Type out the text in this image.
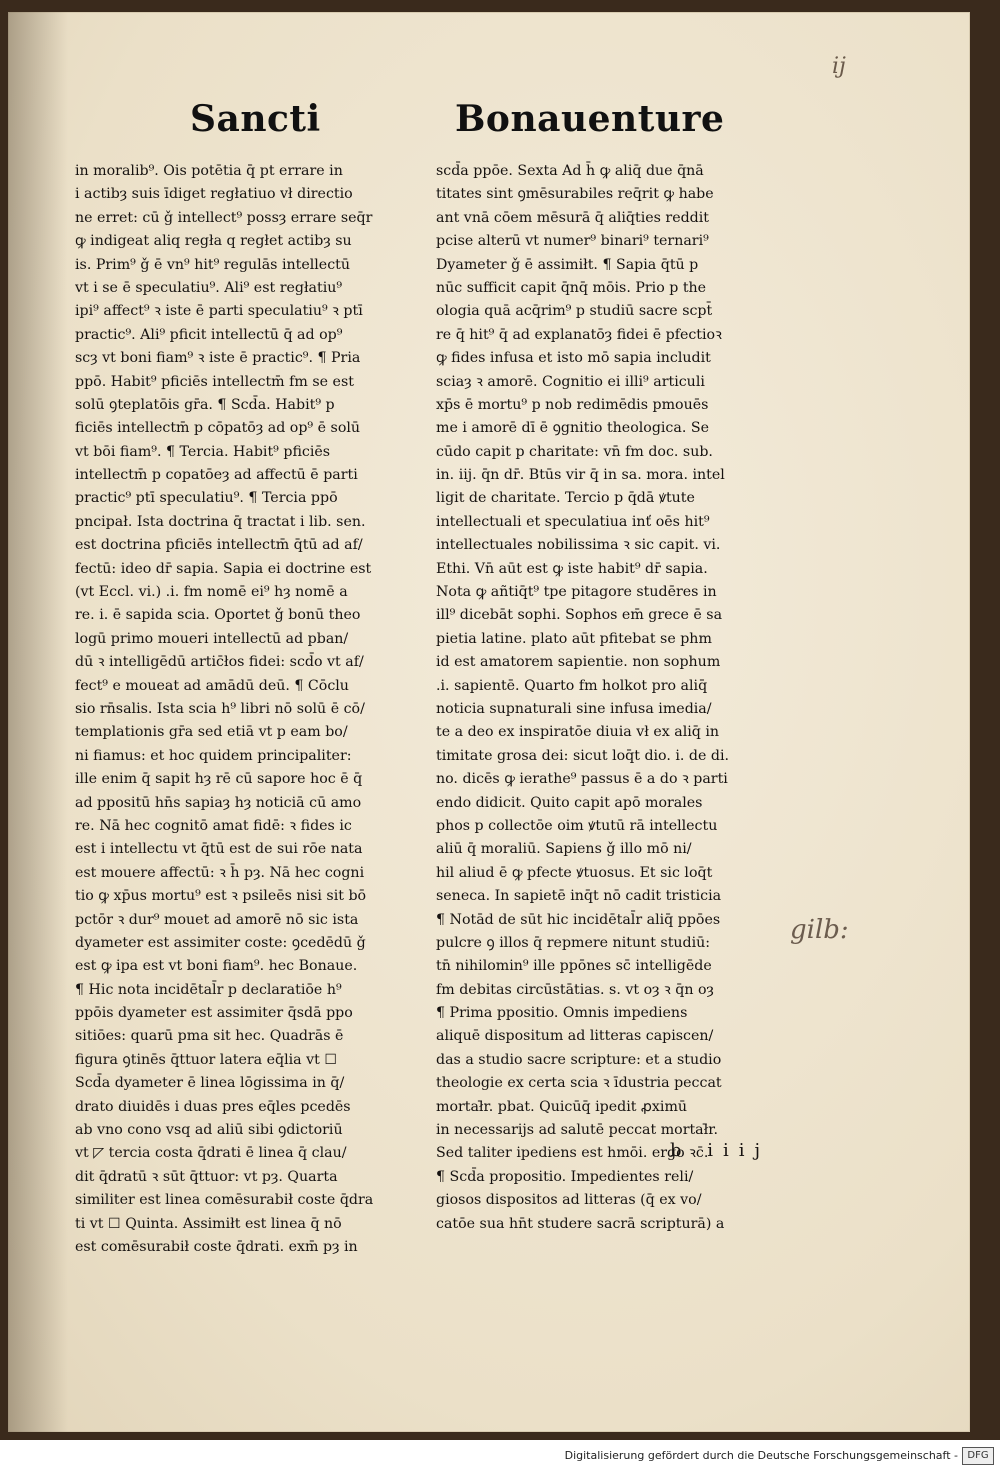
ij
Sancti	Bonauenture
in moralib⁹. Ois potētia q̄ pt errare in
i actibȝ suis īdiget regłatiuo vł directio
ne erret: cū ǧ intellect⁹ possȝ errare seq̄r
ꝙ indigeat aliq regła q regłet actibȝ su
is. Prim⁹ ǧ ē vn⁹ hit⁹ regulās intellectū
vt i se ē speculatiu⁹. Ali⁹ est regłatiu⁹
ipi⁹ affect⁹ ꝛ iste ē parti speculatiu⁹ ꝛ ptī
practic⁹. Ali⁹ pficit intellectū q̄ ad op⁹
scȝ vt boni fiam⁹ ꝛ iste ē practic⁹. ¶ Pria
ppō. Habit⁹ pficiēs intellectm̄ fm se est
solū ꝯteplatōis gr̄a. ¶ Scd̄a. Habit⁹ p
ficiēs intellectm̄ p cōpatōȝ ad op⁹ ē solū
vt bōi fiam⁹. ¶ Tercia. Habit⁹ pficiēs
intellectm̄ p copatōeȝ ad affectū ē parti
practic⁹ ptī speculatiu⁹. ¶ Tercia ppō
pncipał. Ista doctrina q̄ tractat i lib. sen.
est doctrina pficiēs intellectm̄ q̄tū ad af/
fectū: ideo dr̄ sapia. Sapia ei doctrine est
(vt Eccl. vi.) .i. fm nomē ei⁹ hȝ nomē a
re. i. ē sapida scia. Oportet ǧ bonū theo
logū primo moueri intellectū ad pban/
dū ꝛ intelligēdū artic̄łos fidei: scd̄o vt af/
fect⁹ e moueat ad amādū deū. ¶ Cōclu
sio rn̄salis. Ista scia h⁹ libri nō solū ē cō/
templationis gr̄a sed etiā vt p eam bo/
ni fiamus: et hoc quidem principaliter:
ille enim q̄ sapit hȝ rē cū sapore hoc ē q̄
ad ppositū hn̄s sapiaȝ hȝ noticiā cū amo
re. Nā hec cognitō amat fidē: ꝛ fides ic
est i intellectu vt q̄tū est de sui rōe nata
est mouere affectū: ꝛ h̄ pȝ. Nā hec cogni
tio ꝙ xp̄us mortu⁹ est ꝛ psileēs nisi sit bō
pctōr ꝛ dur⁹ mouet ad amorē nō sic ista
dyameter est assimiter coste: ꝯcedēdū ǧ
est ꝙ ipa est vt boni fiam⁹. hec Bonaue.
¶ Hic nota incidētal̄r p declaratiōe h⁹
ppōis dyameter est assimiter q̄sdā ppo
sitiōes: quarū pma sit hec. Quadrās ē
figura ꝯtinēs q̄ttuor latera eq̄lia vt ☐
Scd̄a dyameter ē linea lōgissima in q̄/
drato diuidēs i duas pres eq̄les pcedēs
ab vno cono vsq ad aliū sibi ꝯdictoriū
vt ◸ tercia costa q̄drati ē linea q̄ clau/
dit q̄dratū ꝛ sūt q̄ttuor: vt pȝ. Quarta
similiter est linea comēsurabił coste q̄dra
ti vt ☐ Quinta. Assimiłt est linea q̄ nō
est comēsurabił coste q̄drati. exm̄ pȝ in
scd̄a ppōe. Sexta Ad h̄ ꝙ aliq̄ due q̄nā
titates sint ꝯmēsurabiles req̄rit ꝙ habe
ant vnā cōem mēsurā q̄ aliq̄ties reddit
pcise alterū vt numer⁹ binari⁹ ternari⁹
Dyameter ǧ ē assimiłt. ¶ Sapia q̄tū p
nūc sufficit capit q̄nq̄ mōis. Prio p the
ologia quā acq̄rim⁹ p studiū sacre scpt̄
re q̄ hit⁹ q̄ ad explanatōȝ fidei ē pfectioꝛ
ꝙ fides infusa et isto mō sapia includit
sciaȝ ꝛ amorē. Cognitio ei illi⁹ articuli
xp̄s ē mortu⁹ p nob redimēdis pmouēs
me i amorē dī ē ꝯgnitio theologica. Se
cūdo capit p charitate: vn̄ fm doc. sub.
in. iij. q̄n dr̄. Btūs vir q̄ in sa. mora. intel
ligit de charitate. Tercio p q̄dā ꝟtute
intellectuali et speculatiua inť oēs hit⁹
intellectuales nobilissima ꝛ sic capit. vi.
Ethi. Vn̄ aūt est ꝙ iste habit⁹ dr̄ sapia.
Nota ꝙ añtiq̄t⁹ tpe pitagore studēres in
ill⁹ dicebāt sophi. Sophos em̄ grece ē sa
pietia latine. plato aūt pfitebat se phm
id est amatorem sapientie. non sophum
.i. sapientē. Quarto fm holkot pro aliq̄
noticia supnaturali sine infusa imedia/
te a deo ex inspiratōe diuia vł ex aliq̄ in
timitate grosa dei: sicut loq̄t dio. i. de di.
no. dicēs ꝙ ierathe⁹ passus ē a do ꝛ parti
endo didicit. Quito capit apō morales
phos p collectōe oim ꝟtutū rā intellectu
aliū q̄ moraliū. Sapiens ǧ illo mō ni/
hil aliud ē ꝙ pfecte ꝟtuosus. Et sic loq̄t
seneca. In sapietē inq̄t nō cadit tristicia
¶ Notād de sūt hic incidētal̄r aliq̄ ppōes
pulcre ꝯ illos q̄ repmere nitunt studiū:
tn̄ nihilomin⁹ ille ppōnes sc̄ intelligēde
fm debitas circūstātias. s. vt oȝ ꝛ q̄n oȝ
¶ Prima ppositio. Omnis impediens
aliquē dispositum ad litteras capiscen/
das a studio sacre scripture: et a studio
theologie ex certa scia ꝛ īdustria peccat
mortał̄r. pbat. Quicūq̄ ipedit ꝓximū
in necessarijs ad salutē peccat mortał̄r.
Sed taliter ipediens est hmōi. ergo ꝛc̄.
¶ Scd̄a propositio. Impedientes reli/
giosos dispositos ad litteras (q̄ ex vo/
catōe sua hn̄t studere sacrā scripturā) a
gilb:
b iiij
Digitalisierung gefördert durch die Deutsche Forschungsgemeinschaft - DFG
